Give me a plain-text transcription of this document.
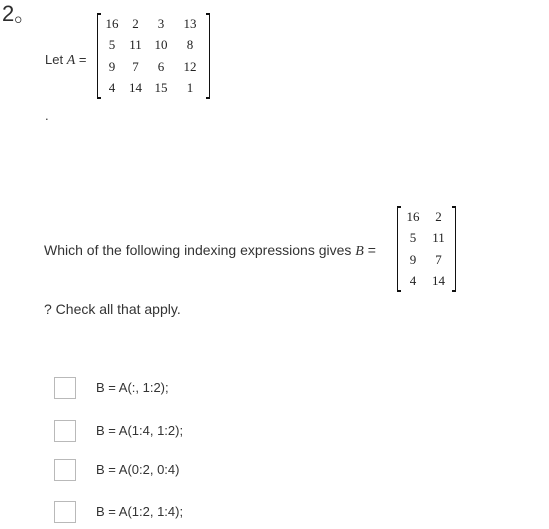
2。
Let A =
16	2	3	13
5	11	10	8
9	7	6	12
4	14	15	1
.
Which of the following indexing expressions gives B =
16	2
5	11
9	7
4	14
? Check all that apply.
B = A(:, 1:2);
B = A(1:4, 1:2);
B = A(0:2, 0:4)
B = A(1:2, 1:4);
